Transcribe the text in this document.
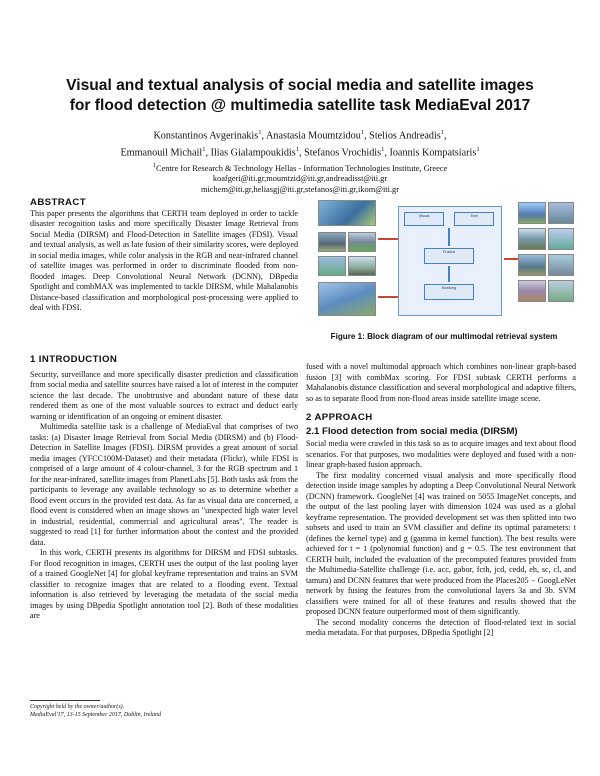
Visual and textual analysis of social media and satellite images
for flood detection @ multimedia satellite task MediaEval 2017
Konstantinos Avgerinakis$^1$, Anastasia Moumtzidou$^1$, Stelios Andreadis$^1$,
Emmanouil Michail$^1$, Ilias Gialampoukidis$^1$, Stefanos Vrochidis$^1$, Ioannis Kompatsiaris$^1$
$^1$Centre for Research & Technology Hellas - Information Technologies Institute, Greece
koafgeri@iti.gr,moumtzid@iti.gr,andreadisst@iti.gr
michem@iti.gr,heliasgj@iti.gr,stefanos@iti.gr,ikom@iti.gr

ABSTRACT

This paper presents the algorithms that CERTH team deployed in order to tackle disaster recognition tasks and more specifically Disaster Image Retrieval from Social Media (DIRSM) and Flood-Detection in Satellite images (FDSI). Visual and textual analysis, as well as late fusion of their similarity scores, were deployed in social media images, while color analysis in the RGB and near-infrared channel of satellite images was performed in order to discriminate flooded from non-flooded images. Deep Convolutional Neural Network (DCNN), DBpedia Spotlight and combMAX was implemented to tackle DIRSM, while Mahalanobis Distance-based classification and morphological post-processing were applied to deal with FDSI.

1 INTRODUCTION

Security, surveillance and more specifically disaster prediction and classification from social media and satellite sources have raised a lot of interest in the computer science the last decade. The unobtrusive and abundant nature of these data rendered them as one of the most valuable sources to extract and deduct early warning or identification of an ongoing or eminent disaster.

Multimedia satellite task is a challenge of MediaEval that comprises of two tasks: (a) Disaster Image Retrieval from Social Media (DIRSM) and (b) Flood-Detection in Satellite Images (FDSI). DIRSM provides a great amount of social media images (YFCC100M-Dataset) and their metadata (Flickr), while FDSI is comprised of a large amount of 4 colour-channel, 3 for the RGB spectrum and 1 for the near-infrared, satellite images from PlanetLabs [5]. Both tasks ask from the participants to leverage any available technology so as to determine whether a flood event occurs in the provided test data. As far as visual data are concerned, a flood event is considered when an image shows an "unexpected high water level in industrial, residential, commercial and agricultural areas". The reader is suggested to read [1] for further information about the contest and the provided data.

In this work, CERTH presents its algorithms for DIRSM and FDSI subtasks. For flood recognition in images, CERTH uses the output of the last pooling layer of a trained GoogleNet [4] for global keyframe representation and trains an SVM classifier to recognize images that are related to a flooding event. Textual information is also retrieved by leveraging the metadata of the social media images by using DBpedia Spotlight annotation tool [2]. Both of these modalities are

Copyright held by the owner/author(s).
MediaEval'17, 13-15 September 2017, Dublin, Ireland
Visual	Text
Fusion
Ranking
Figure 1: Block diagram of our multimodal retrieval system

fused with a novel multimodal approach which combines non-linear graph-based fusion [3] with combMax scoring. For FDSI subtask CERTH performs a Mahalanobis distance classification and several morphological and adaptive filters, so as to separate flood from non-flood areas inside satellite image scene.

2 APPROACH

2.1 Flood detection from social media (DIRSM)

Social media were crawled in this task so as to acquire images and text about flood scenarios. For that purposes, two modalities were deployed and fused with a non-linear graph-based fusion approach.

The first modality concerned visual analysis and more specifically flood detection inside image samples by adopting a Deep Convolutional Neural Network (DCNN) framework. GoogleNet [4] was trained on 5055 ImageNet concepts, and the output of the last pooling layer with dimension 1024 was used as a global keyframe representation. The provided development set was then splitted into two subsets and used to train an SVM classifier and define its optimal parameters: t (defines the kernel type) and g (gamma in kernel function). The best results were achieved for t = 1 (polynomial function) and g = 0.5. The test environment that CERTH built, included the evaluation of the precomputed features provided from the Multimedia-Satellite challenge (i.e. acc, gabor, fcth, jcd, cedd, eh, sc, cl, and tamura) and DCNN features that were produced from the Places205 − GoogLeNet network by fusing the features from the convolutional layers 3a and 3b. SVM classifiers were trained for all of these features and results showed that the proposed DCNN feature outperformed most of them significantly.

The second modality concerns the detection of flood-related text in social media metadata. For that purposes, DBpedia Spotlight [2]
